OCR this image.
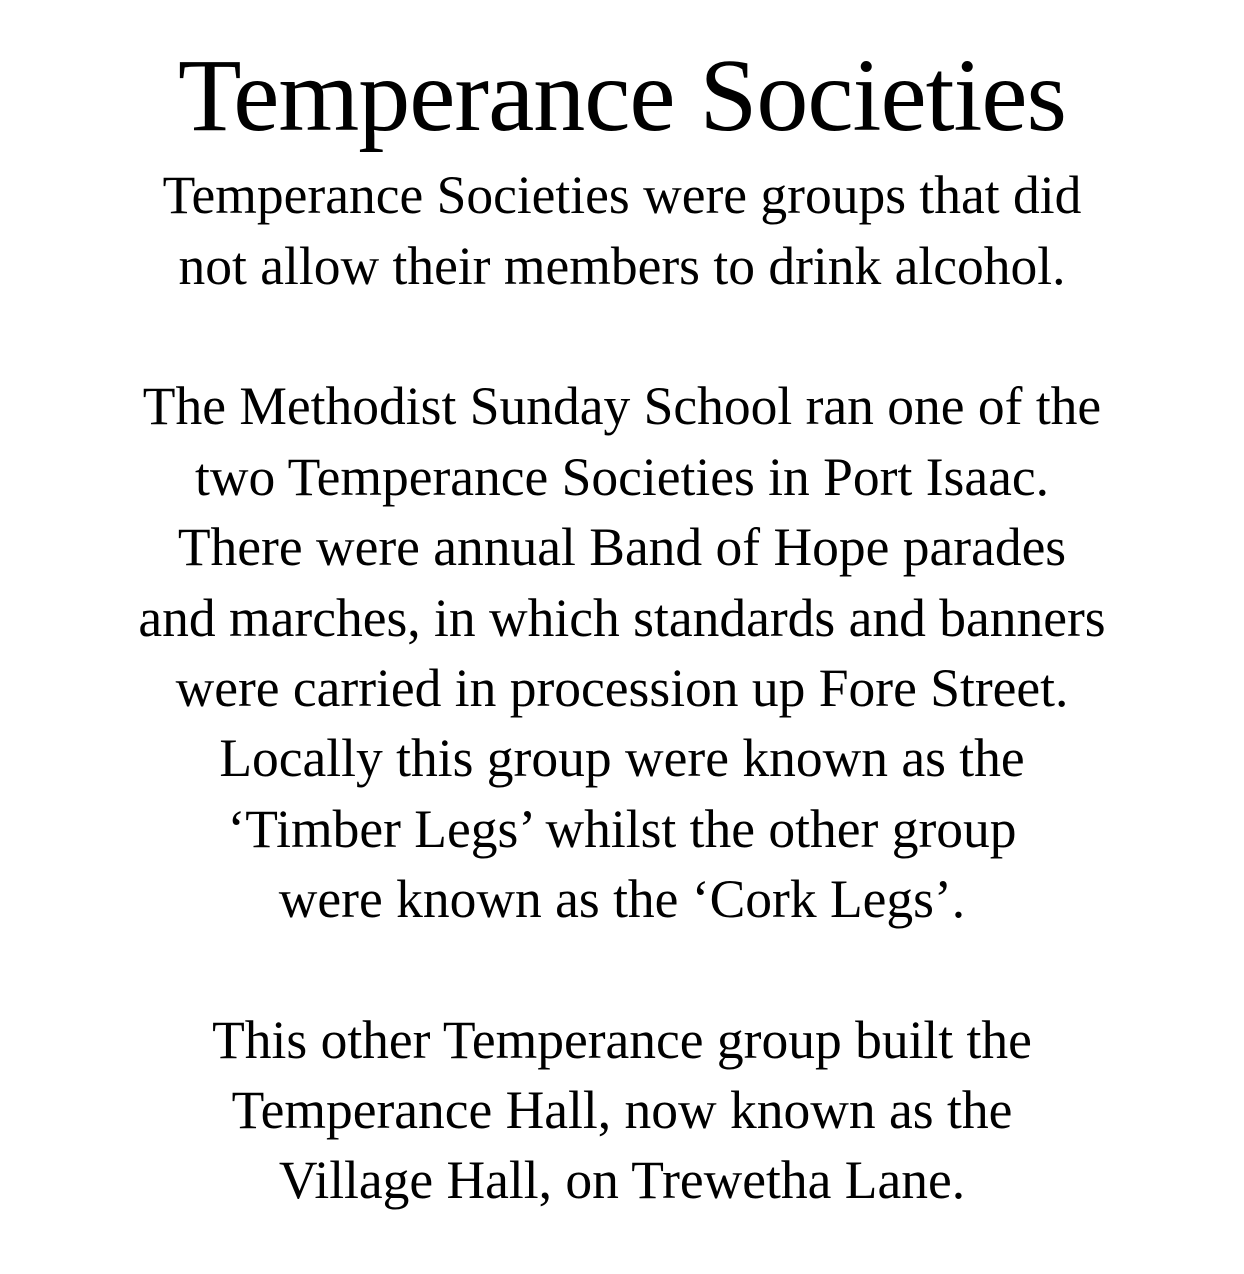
Temperance Societies

Temperance Societies were groups that did
not allow their members to drink alcohol.

The Methodist Sunday School ran one of the
two Temperance Societies in Port Isaac.
There were annual Band of Hope parades
and marches, in which standards and banners
were carried in procession up Fore Street.
Locally this group were known as the
‘Timber Legs’ whilst the other group
were known as the ‘Cork Legs’.

This other Temperance group built the
Temperance Hall, now known as the
Village Hall, on Trewetha Lane.
